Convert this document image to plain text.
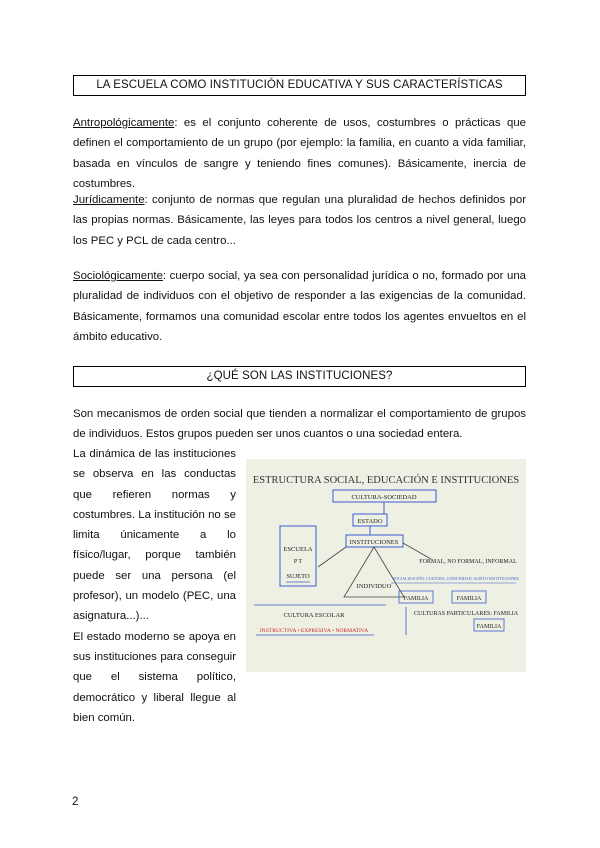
LA ESCUELA COMO INSTITUCIÓN EDUCATIVA Y SUS CARACTERÍSTICAS

Antropológicamente: es el conjunto coherente de usos, costumbres o prácticas que definen el comportamiento de un grupo (por ejemplo: la familia, en cuanto a vida familiar, basada en vínculos de sangre y teniendo fines comunes). Básicamente, inercia de costumbres.

Jurídicamente: conjunto de normas que regulan una pluralidad de hechos definidos por las propias normas. Básicamente, las leyes para todos los centros a nivel general, luego los PEC y PCL de cada centro...

Sociológicamente: cuerpo social, ya sea con personalidad jurídica o no, formado por una pluralidad de individuos con el objetivo de responder a las exigencias de la comunidad. Básicamente, formamos una comunidad escolar entre todos los agentes envueltos en el ámbito educativo.

¿QUÉ SON LAS INSTITUCIONES?

Son mecanismos de orden social que tienden a normalizar el comportamiento de grupos de individuos. Estos grupos pueden ser unos cuantos o una sociedad entera.

La dinámica de las instituciones se observa en las conductas que refieren normas y costumbres. La institución no se limita únicamente a lo físico/lugar, porque también puede ser una persona (el profesor), un modelo (PEC, una asignatura...)...

El estado moderno se apoya en sus instituciones para conseguir que el sistema político, democrático y liberal llegue al bien común.

ESTRUCTURA SOCIAL, EDUCACIÓN E INSTITUCIONES
CULTURA-SOCIEDAD
ESTADO
INSTITUCIONES
ESCUELA
P T
SUJETO
INDIVIDUO
FORMAL, NO FORMAL, INFORMAL
SOCIALIZACIÓN: CULTURA, COMUNIDAD, SUJETO INSTITUCIONES
FAMILIA	FAMILIA
CULTURAS PARTICULARES: FAMILIA
FAMILIA
CULTURA ESCOLAR
INSTRUCTIVA • EXPRESIVA • NORMATIVA
2
